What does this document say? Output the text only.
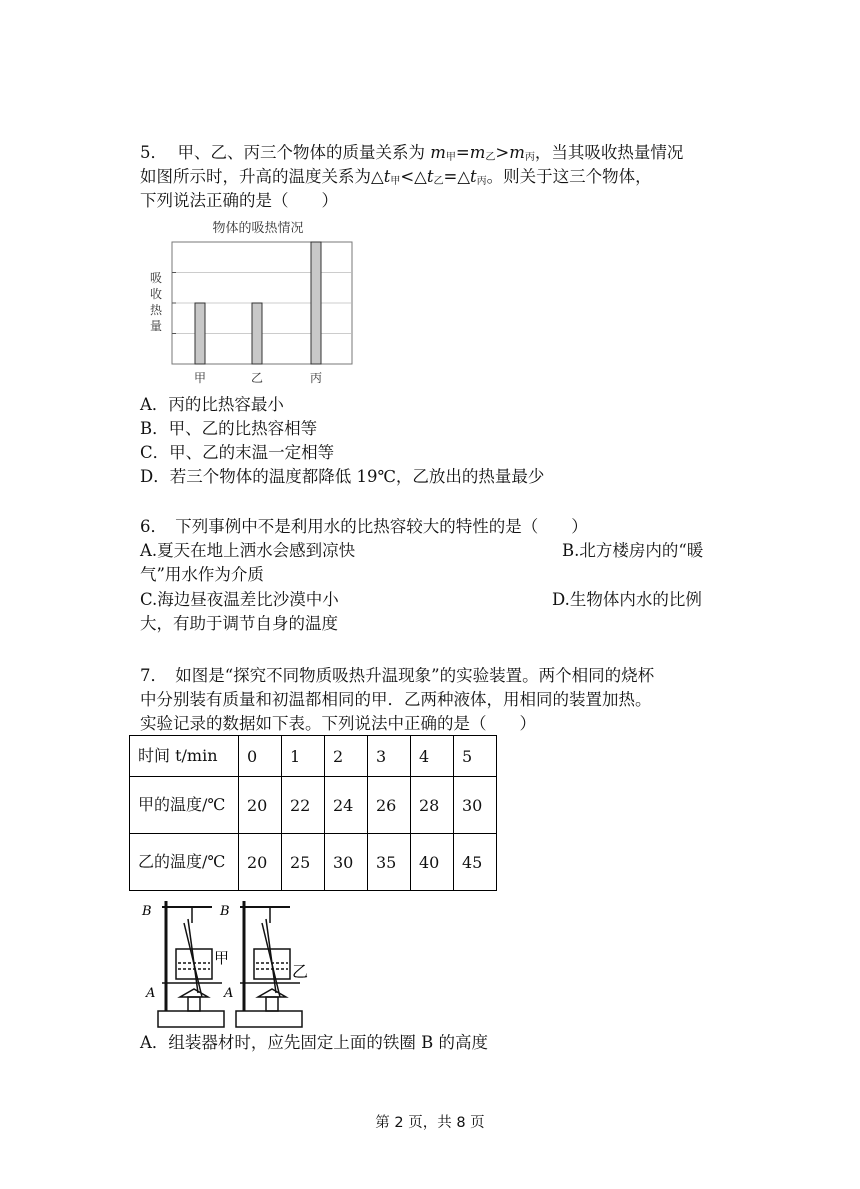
5． 甲、乙、丙三个物体的质量关系为 $m_甲=m_乙>m_丙$，当其吸收热量情况
如图所示时，升高的温度关系为$\triangle t_甲<\triangle t_乙=\triangle t_丙$。则关于这三个物体，
下列说法正确的是（　　）
物体的吸热情况
吸
收
热
量
甲	乙	丙
A．丙的比热容最小
B．甲、乙的比热容相等
C．甲、乙的末温一定相等
D．若三个物体的温度都降低 19℃，乙放出的热量最少
6．　下列事例中不是利用水的比热容较大的特性的是（　　）
A.夏天在地上洒水会感到凉快	B.北方楼房内的“暖
气”用水作为介质
C.海边昼夜温差比沙漠中小	D.生物体内水的比例
大，有助于调节自身的温度
7．　如图是“探究不同物质吸热升温现象”的实验装置。两个相同的烧杯
中分别装有质量和初温都相同的甲．乙两种液体，用相同的装置加热。
实验记录的数据如下表。下列说法中正确的是（　　）
时间 t/min	0	1	2	3	4	5
甲的温度/℃	20	22	24	26	28	30
乙的温度/℃	20	25	30	35	40	45
B
A
甲
B
A
乙
A．组装器材时，应先固定上面的铁圈 B 的高度
第 2 页，共 8 页
